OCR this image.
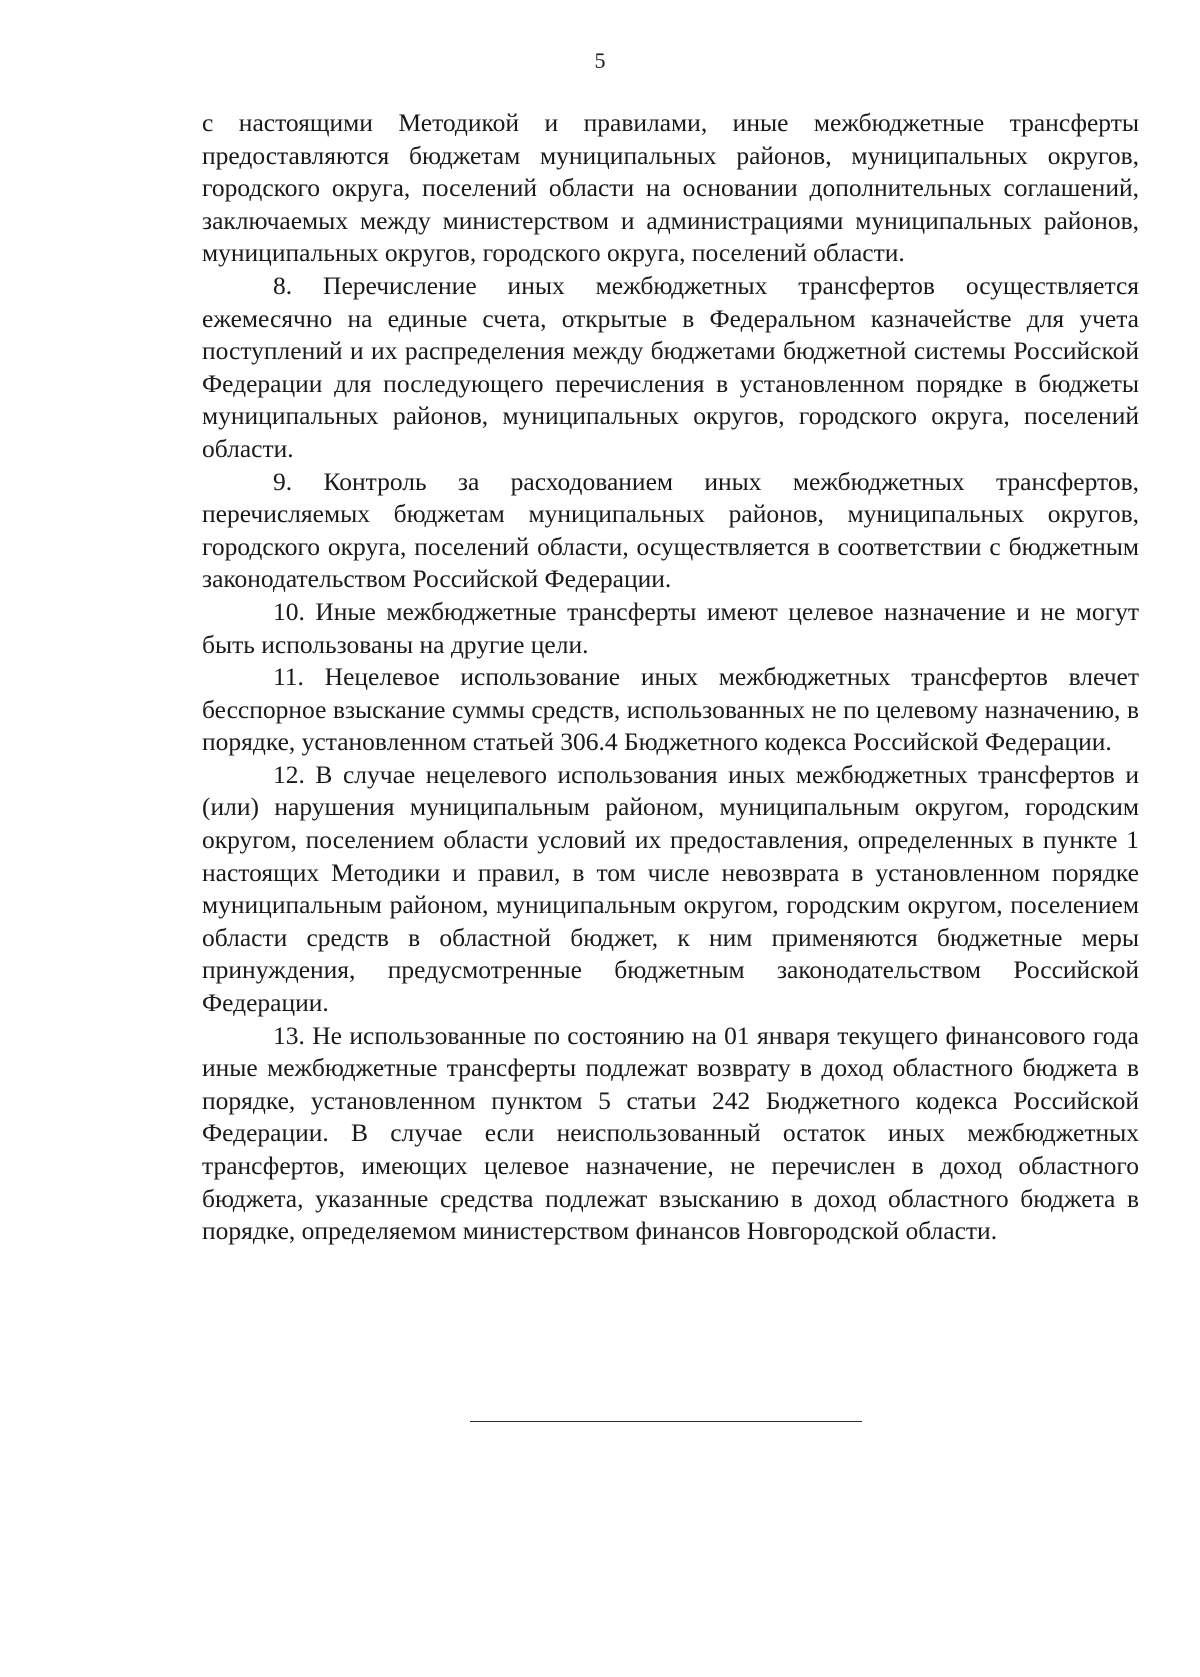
5

с настоящими Методикой и правилами, иные межбюджетные трансферты предоставляются бюджетам муниципальных районов, муниципальных округов, городского округа, поселений области на основании дополнительных соглашений, заключаемых между министерством и администрациями муниципальных районов, муниципальных округов, городского округа, поселений области.

8. Перечисление иных межбюджетных трансфертов осуществляется ежемесячно на единые счета, открытые в Федеральном казначействе для учета поступлений и их распределения между бюджетами бюджетной системы Российской Федерации для последующего перечисления в установленном порядке в бюджеты муниципальных районов, муниципальных округов, городского округа, поселений области.

9. Контроль за расходованием иных межбюджетных трансфертов, перечисляемых бюджетам муниципальных районов, муниципальных округов, городского округа, поселений области, осуществляется в соответствии с бюджетным законодательством Российской Федерации.

10. Иные межбюджетные трансферты имеют целевое назначение и не могут быть использованы на другие цели.

11. Нецелевое использование иных межбюджетных трансфертов влечет бесспорное взыскание суммы средств, использованных не по целевому назначению, в порядке, установленном статьей 306.4 Бюджетного кодекса Российской Федерации.

12. В случае нецелевого использования иных межбюджетных трансфертов и (или) нарушения муниципальным районом, муниципальным округом, городским округом, поселением области условий их предоставления, определенных в пункте 1 настоящих Методики и правил, в том числе невозврата в установленном порядке муниципальным районом, муниципальным округом, городским округом, поселением области средств в областной бюджет, к ним применяются бюджетные меры принуждения, предусмотренные бюджетным законодательством Российской Федерации.

13. Не использованные по состоянию на 01 января текущего финансового года иные межбюджетные трансферты подлежат возврату в доход областного бюджета в порядке, установленном пунктом 5 статьи 242 Бюджетного кодекса Российской Федерации. В случае если неиспользованный остаток иных межбюджетных трансфертов, имеющих целевое назначение, не перечислен в доход областного бюджета, указанные средства подлежат взысканию в доход областного бюджета в порядке, определяемом министерством финансов Новгородской области.
